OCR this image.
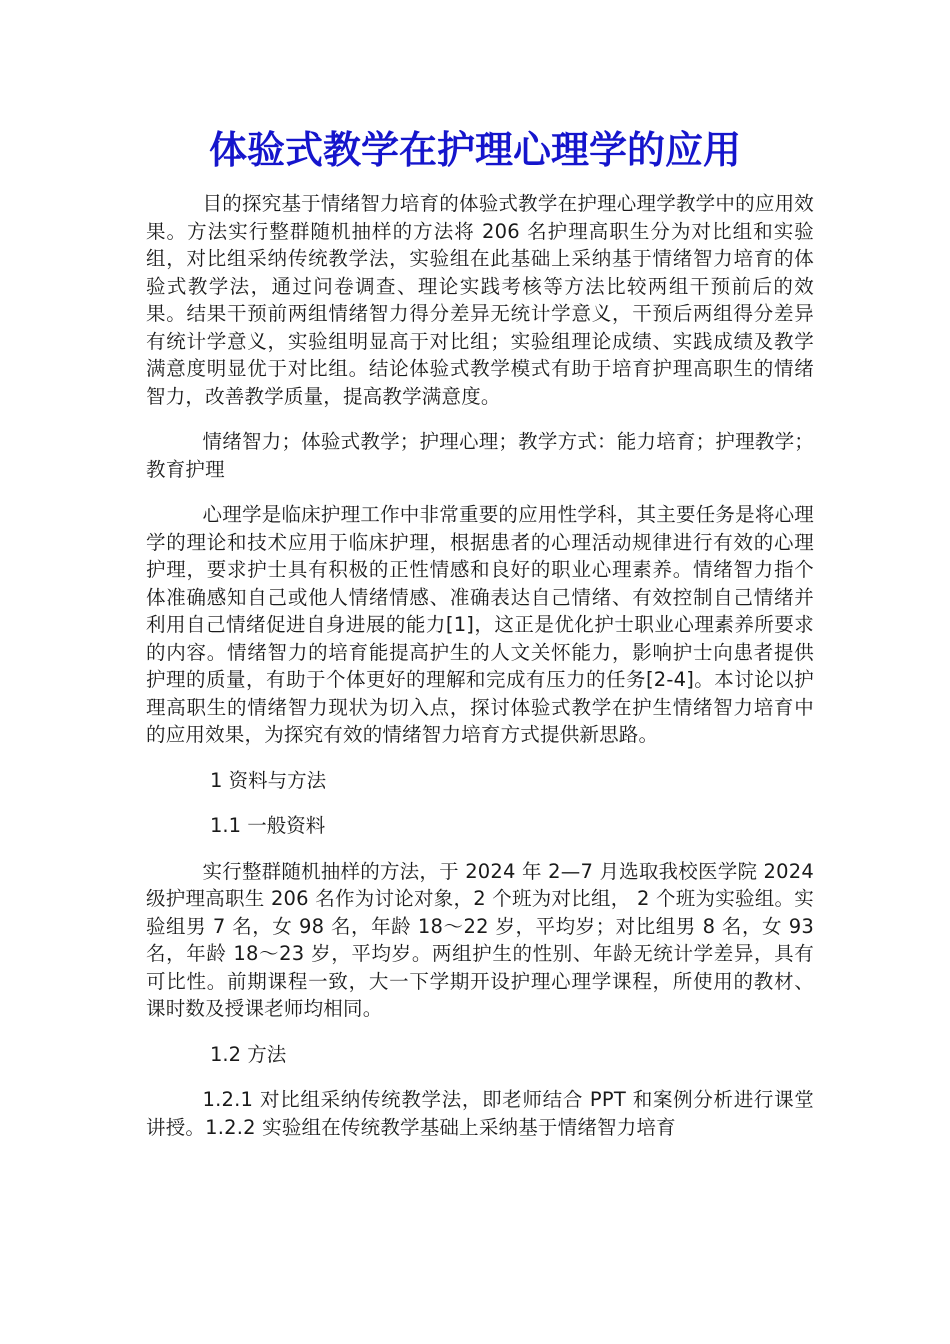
体验式教学在护理心理学的应用

目的探究基于情绪智力培育的体验式教学在护理心理学教学中的应用效果。方法实行整群随机抽样的方法将 206 名护理高职生分为对比组和实验组，对比组采纳传统教学法，实验组在此基础上采纳基于情绪智力培育的体验式教学法，通过问卷调查、理论实践考核等方法比较两组干预前后的效果。结果干预前两组情绪智力得分差异无统计学意义，干预后两组得分差异有统计学意义，实验组明显高于对比组；实验组理论成绩、实践成绩及教学满意度明显优于对比组。结论体验式教学模式有助于培育护理高职生的情绪智力，改善教学质量，提高教学满意度。

情绪智力；体验式教学；护理心理；教学方式：能力培育；护理教学；教育护理

心理学是临床护理工作中非常重要的应用性学科，其主要任务是将心理学的理论和技术应用于临床护理，根据患者的心理活动规律进行有效的心理护理，要求护士具有积极的正性情感和良好的职业心理素养。情绪智力指个体准确感知自己或他人情绪情感、准确表达自己情绪、有效控制自己情绪并利用自己情绪促进自身进展的能力[1]，这正是优化护士职业心理素养所要求的内容。情绪智力的培育能提高护生的人文关怀能力，影响护士向患者提供护理的质量，有助于个体更好的理解和完成有压力的任务[2-4]。本讨论以护理高职生的情绪智力现状为切入点，探讨体验式教学在护生情绪智力培育中的应用效果，为探究有效的情绪智力培育方式提供新思路。

1 资料与方法

1.1 一般资料

实行整群随机抽样的方法，于 2024 年 2—7 月选取我校医学院 2024 级护理高职生 206 名作为讨论对象，2 个班为对比组， 2 个班为实验组。实验组男 7 名，女 98 名，年龄 18～22 岁，平均岁；对比组男 8 名，女 93 名，年龄 18～23 岁，平均岁。两组护生的性别、年龄无统计学差异，具有可比性。前期课程一致，大一下学期开设护理心理学课程，所使用的教材、课时数及授课老师均相同。

1.2 方法

1.2.1 对比组采纳传统教学法，即老师结合 PPT 和案例分析进行课堂讲授。1.2.2 实验组在传统教学基础上采纳基于情绪智力培育
